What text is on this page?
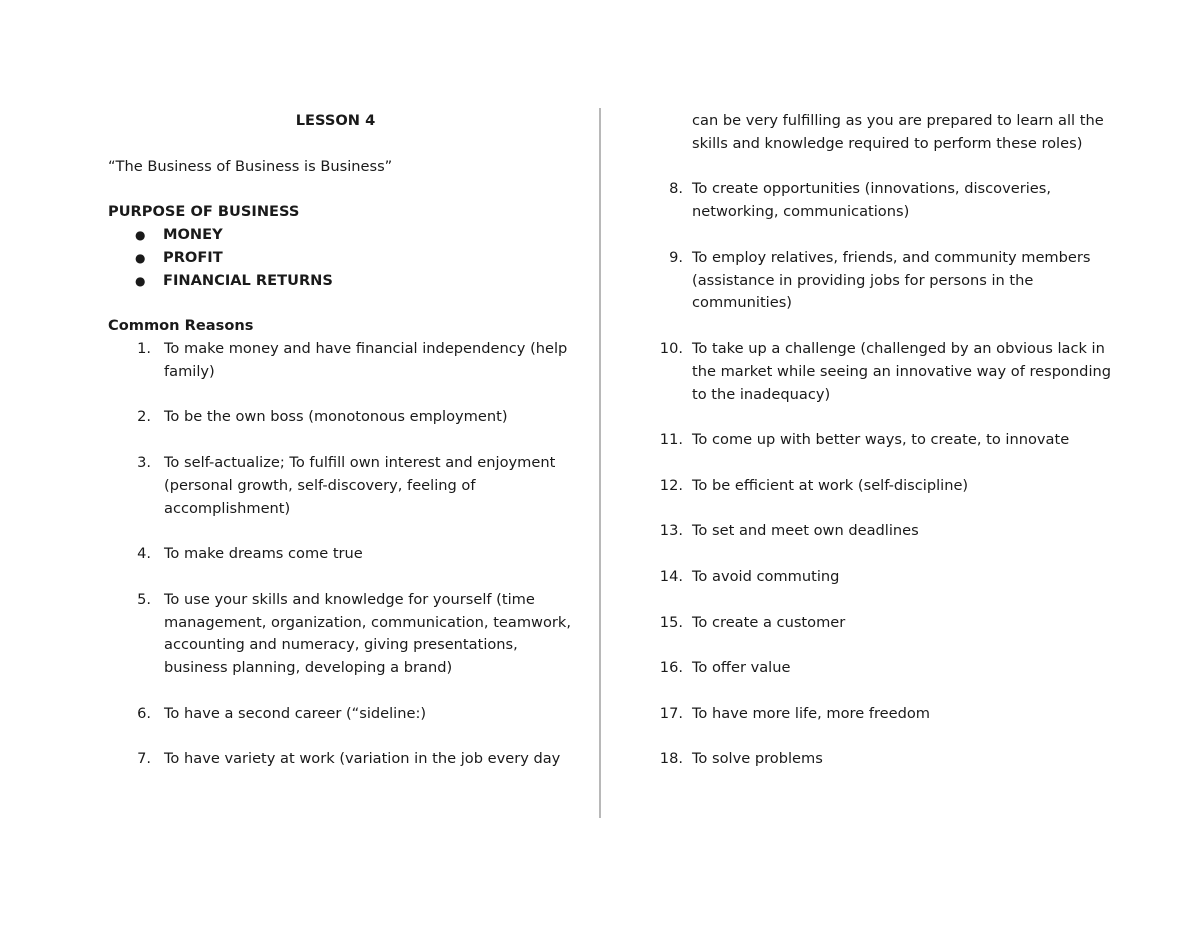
LESSON 4
“The Business of Business is Business”
PURPOSE OF BUSINESS
●	MONEY
●	PROFIT
●	FINANCIAL RETURNS
Common Reasons
1. To make money and have financial independency (help family)
2. To be the own boss (monotonous employment)
3. To self-actualize; To fulfill own interest and enjoyment (personal growth, self-discovery, feeling of accomplishment)
4. To make dreams come true
5. To use your skills and knowledge for yourself (time management, organization, communication, teamwork, accounting and numeracy, giving presentations, business planning, developing a brand)
6. To have a second career (“sideline:)
7. To have variety at work (variation in the job every day
can be very fulfilling as you are prepared to learn all the skills and knowledge required to perform these roles)
8. To create opportunities (innovations, discoveries, networking, communications)
9. To employ relatives, friends, and community members (assistance in providing jobs for persons in the communities)
10. To take up a challenge (challenged by an obvious lack in the market while seeing an innovative way of responding to the inadequacy)
11. To come up with better ways, to create, to innovate
12. To be efficient at work (self-discipline)
13. To set and meet own deadlines
14. To avoid commuting
15. To create a customer
16. To offer value
17. To have more life, more freedom
18. To solve problems
